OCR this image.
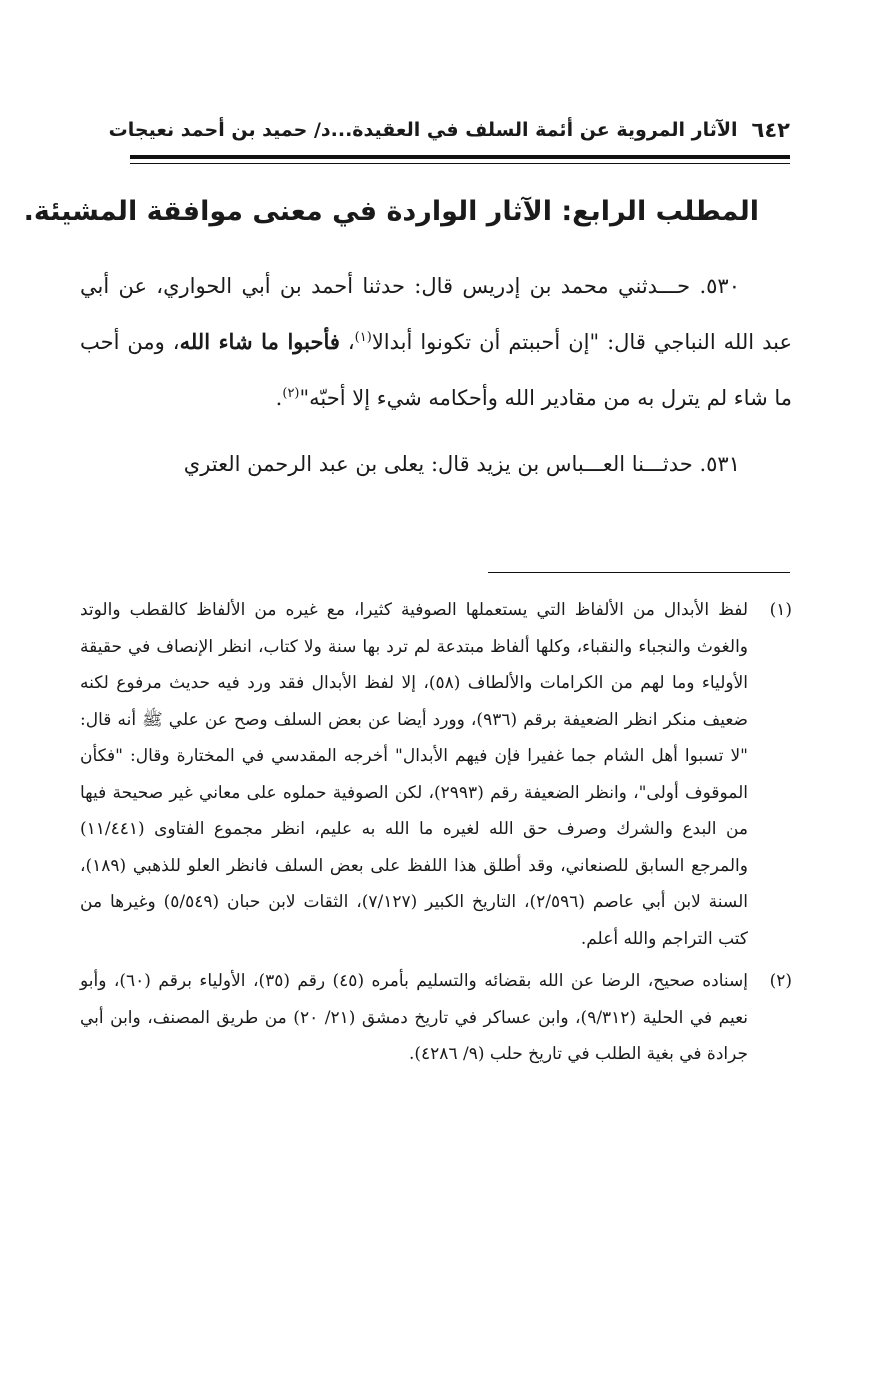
٦٤٢
الآثار المروية عن أئمة السلف في العقيدة...د/ حميد بن أحمد نعيجات
المطلب الرابع: الآثار الواردة في معنى موافقة المشيئة.

٥٣٠. حـــدثني محمد بن إدريس قال: حدثنا أحمد بن أبي الحواري، عن أبي عبد الله النباجي قال: "إن أحببتم أن تكونوا أبدالا$^{(١)}$، فأحبوا ما شاء الله، ومن أحب ما شاء لم يترل به من مقادير الله وأحكامه شيء إلا أحبّه"$^{(٢)}$.

٥٣١. حدثـــنا العـــباس بن يزيد قال: يعلى بن عبد الرحمن العتري

(١)
لفظ الأبدال من الألفاظ التي يستعملها الصوفية كثيرا، مع غيره من الألفاظ كالقطب والوتد والغوث والنجباء والنقباء، وكلها ألفاظ مبتدعة لم ترد بها سنة ولا كتاب، انظر الإنصاف في حقيقة الأولياء وما لهم من الكرامات والألطاف (٥٨)، إلا لفظ الأبدال فقد ورد فيه حديث مرفوع لكنه ضعيف منكر انظر الضعيفة برقم (٩٣٦)، وورد أيضا عن بعض السلف وصح عن علي ﷺ أنه قال: "لا تسبوا أهل الشام جما غفيرا فإن فيهم الأبدال" أخرجه المقدسي في المختارة وقال: "فكأن الموقوف أولى"، وانظر الضعيفة رقم (٢٩٩٣)، لكن الصوفية حملوه على معاني غير صحيحة فيها من البدع والشرك وصرف حق الله لغيره ما الله به عليم، انظر مجموع الفتاوى (١١/٤٤١) والمرجع السابق للصنعاني، وقد أطلق هذا اللفظ على بعض السلف فانظر العلو للذهبي (١٨٩)، السنة لابن أبي عاصم (٢/٥٩٦)، التاريخ الكبير (٧/١٢٧)، الثقات لابن حبان (٥/٥٤٩) وغيرها من كتب التراجم والله أعلم.
(٢)
إسناده صحيح، الرضا عن الله بقضائه والتسليم بأمره (٤٥) رقم (٣٥)، الأولياء برقم (٦٠)، وأبو نعيم في الحلية (٩/٣١٢)، وابن عساكر في تاريخ دمشق (٢١/ ٢٠) من طريق المصنف، وابن أبي جرادة في بغية الطلب في تاريخ حلب (٩/ ٤٢٨٦).
